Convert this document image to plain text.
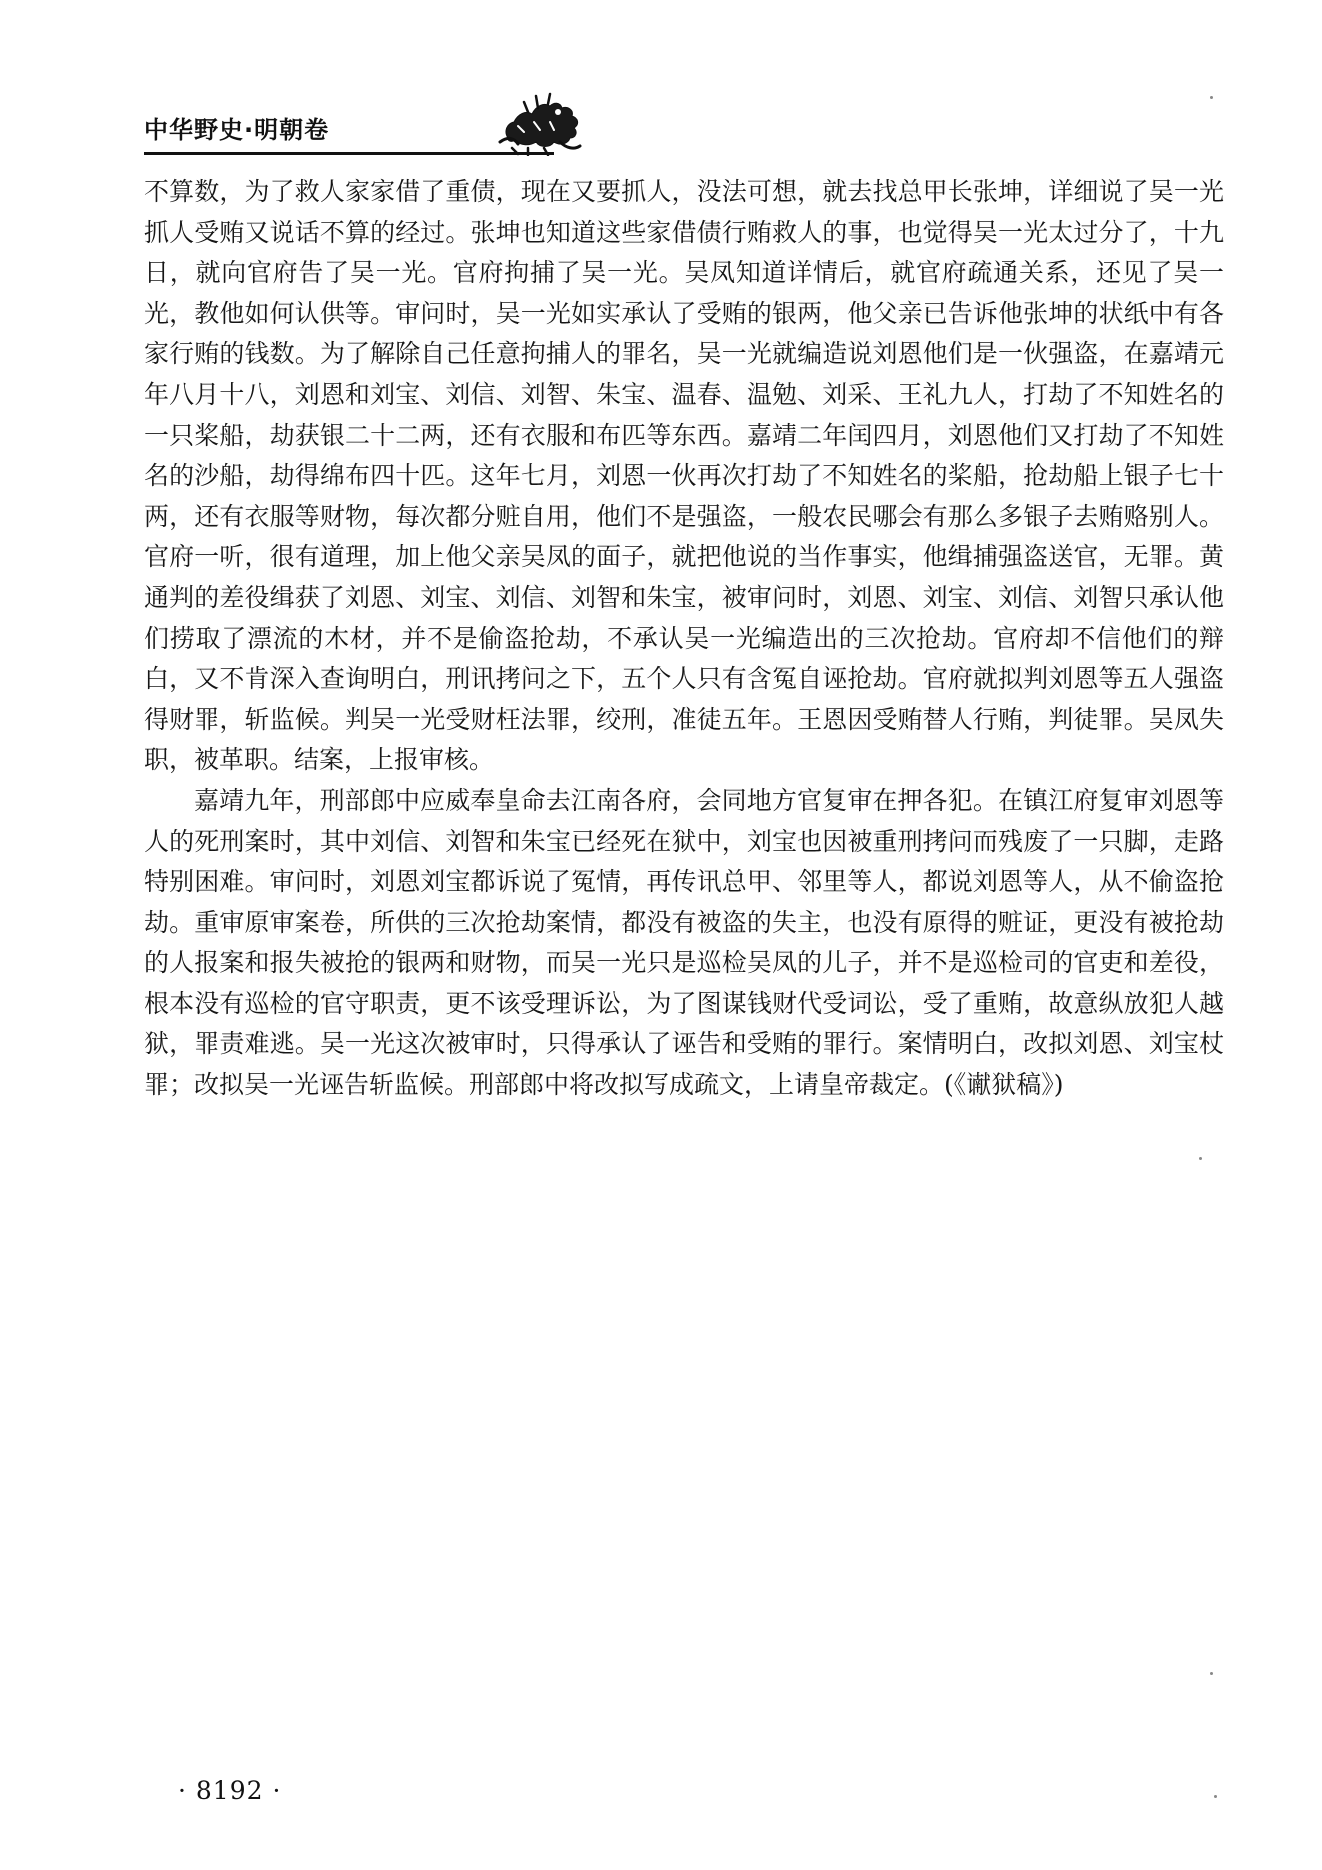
中华野史·明朝卷

不算数，为了救人家家借了重债，现在又要抓人，没法可想，就去找总甲长张坤，详细说了吴一光抓人受贿又说话不算的经过。张坤也知道这些家借债行贿救人的事，也觉得吴一光太过分了，十九日，就向官府告了吴一光。官府拘捕了吴一光。吴凤知道详情后，就官府疏通关系，还见了吴一光，教他如何认供等。审问时，吴一光如实承认了受贿的银两，他父亲已告诉他张坤的状纸中有各家行贿的钱数。为了解除自己任意拘捕人的罪名，吴一光就编造说刘恩他们是一伙强盗，在嘉靖元年八月十八，刘恩和刘宝、刘信、刘智、朱宝、温春、温勉、刘采、王礼九人，打劫了不知姓名的一只桨船，劫获银二十二两，还有衣服和布匹等东西。嘉靖二年闰四月，刘恩他们又打劫了不知姓名的沙船，劫得绵布四十匹。这年七月，刘恩一伙再次打劫了不知姓名的桨船，抢劫船上银子七十两，还有衣服等财物，每次都分赃自用，他们不是强盗，一般农民哪会有那么多银子去贿赂别人。官府一听，很有道理，加上他父亲吴凤的面子，就把他说的当作事实，他缉捕强盗送官，无罪。黄通判的差役缉获了刘恩、刘宝、刘信、刘智和朱宝，被审问时，刘恩、刘宝、刘信、刘智只承认他们捞取了漂流的木材，并不是偷盗抢劫，不承认吴一光编造出的三次抢劫。官府却不信他们的辩白，又不肯深入查询明白，刑讯拷问之下，五个人只有含冤自诬抢劫。官府就拟判刘恩等五人强盗得财罪，斩监候。判吴一光受财枉法罪，绞刑，准徒五年。王恩因受贿替人行贿，判徒罪。吴凤失职，被革职。结案，上报审核。

嘉靖九年，刑部郎中应威奉皇命去江南各府，会同地方官复审在押各犯。在镇江府复审刘恩等人的死刑案时，其中刘信、刘智和朱宝已经死在狱中，刘宝也因被重刑拷问而残废了一只脚，走路特别困难。审问时，刘恩刘宝都诉说了冤情，再传讯总甲、邻里等人，都说刘恩等人，从不偷盗抢劫。重审原审案卷，所供的三次抢劫案情，都没有被盗的失主，也没有原得的赃证，更没有被抢劫的人报案和报失被抢的银两和财物，而吴一光只是巡检吴凤的儿子，并不是巡检司的官吏和差役，根本没有巡检的官守职责，更不该受理诉讼，为了图谋钱财代受词讼，受了重贿，故意纵放犯人越狱，罪责难逃。吴一光这次被审时，只得承认了诬告和受贿的罪行。案情明白，改拟刘恩、刘宝杖罪；改拟吴一光诬告斩监候。刑部郎中将改拟写成疏文，上请皇帝裁定。(《谳狱稿》)

· 8192 ·
